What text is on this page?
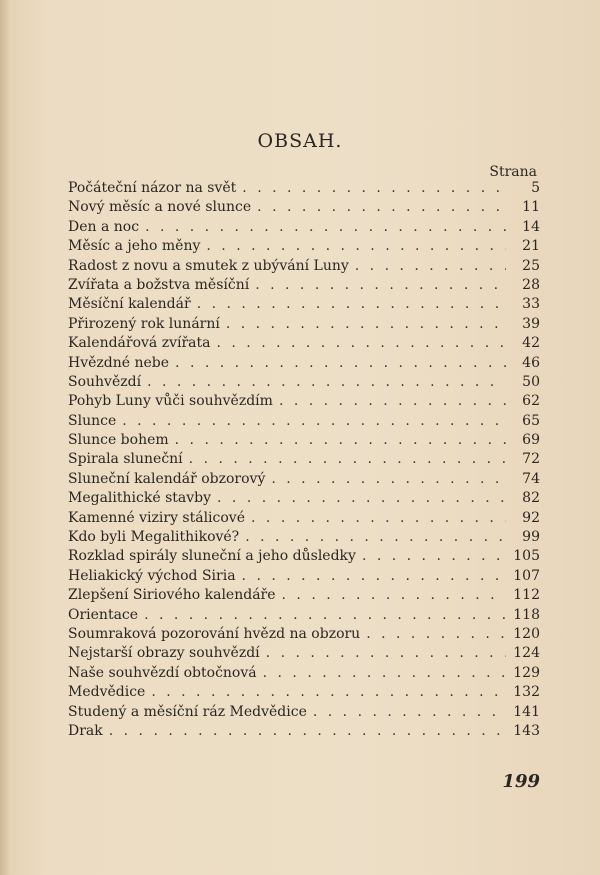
OBSAH.
Strana
Počáteční názor na svět . . .	5
Nový měsíc a nové slunce . . .	11
Den a noc . . .	14
Měsíc a jeho měny . . .	21
Radost z novu a smutek z ubývání Luny . . .	25
Zvířata a božstva měsíční . . .	28
Měsíční kalendář . . .	33
Přirozený rok lunární . . .	39
Kalendářová zvířata . . .	42
Hvězdné nebe . . .	46
Souhvězdí . . .	50
Pohyb Luny vůči souhvězdím . . .	62
Slunce . . .	65
Slunce bohem . . .	69
Spirala sluneční . . .	72
Sluneční kalendář obzorový . . .	74
Megalithické stavby . . .	82
Kamenné viziry stálicové . . .	92
Kdo byli Megalithikové? . . .	99
Rozklad spirály sluneční a jeho důsledky . . .	105
Heliakický východ Siria . . .	107
Zlepšení Siriového kalendáře . . .	112
Orientace . . .	118
Soumraková pozorování hvězd na obzoru . . .	120
Nejstarší obrazy souhvězdí . . .	124
Naše souhvězdí obtočnová . . .	129
Medvědice . . .	132
Studený a měsíční ráz Medvědice . . .	141
Drak . . .	143
199
